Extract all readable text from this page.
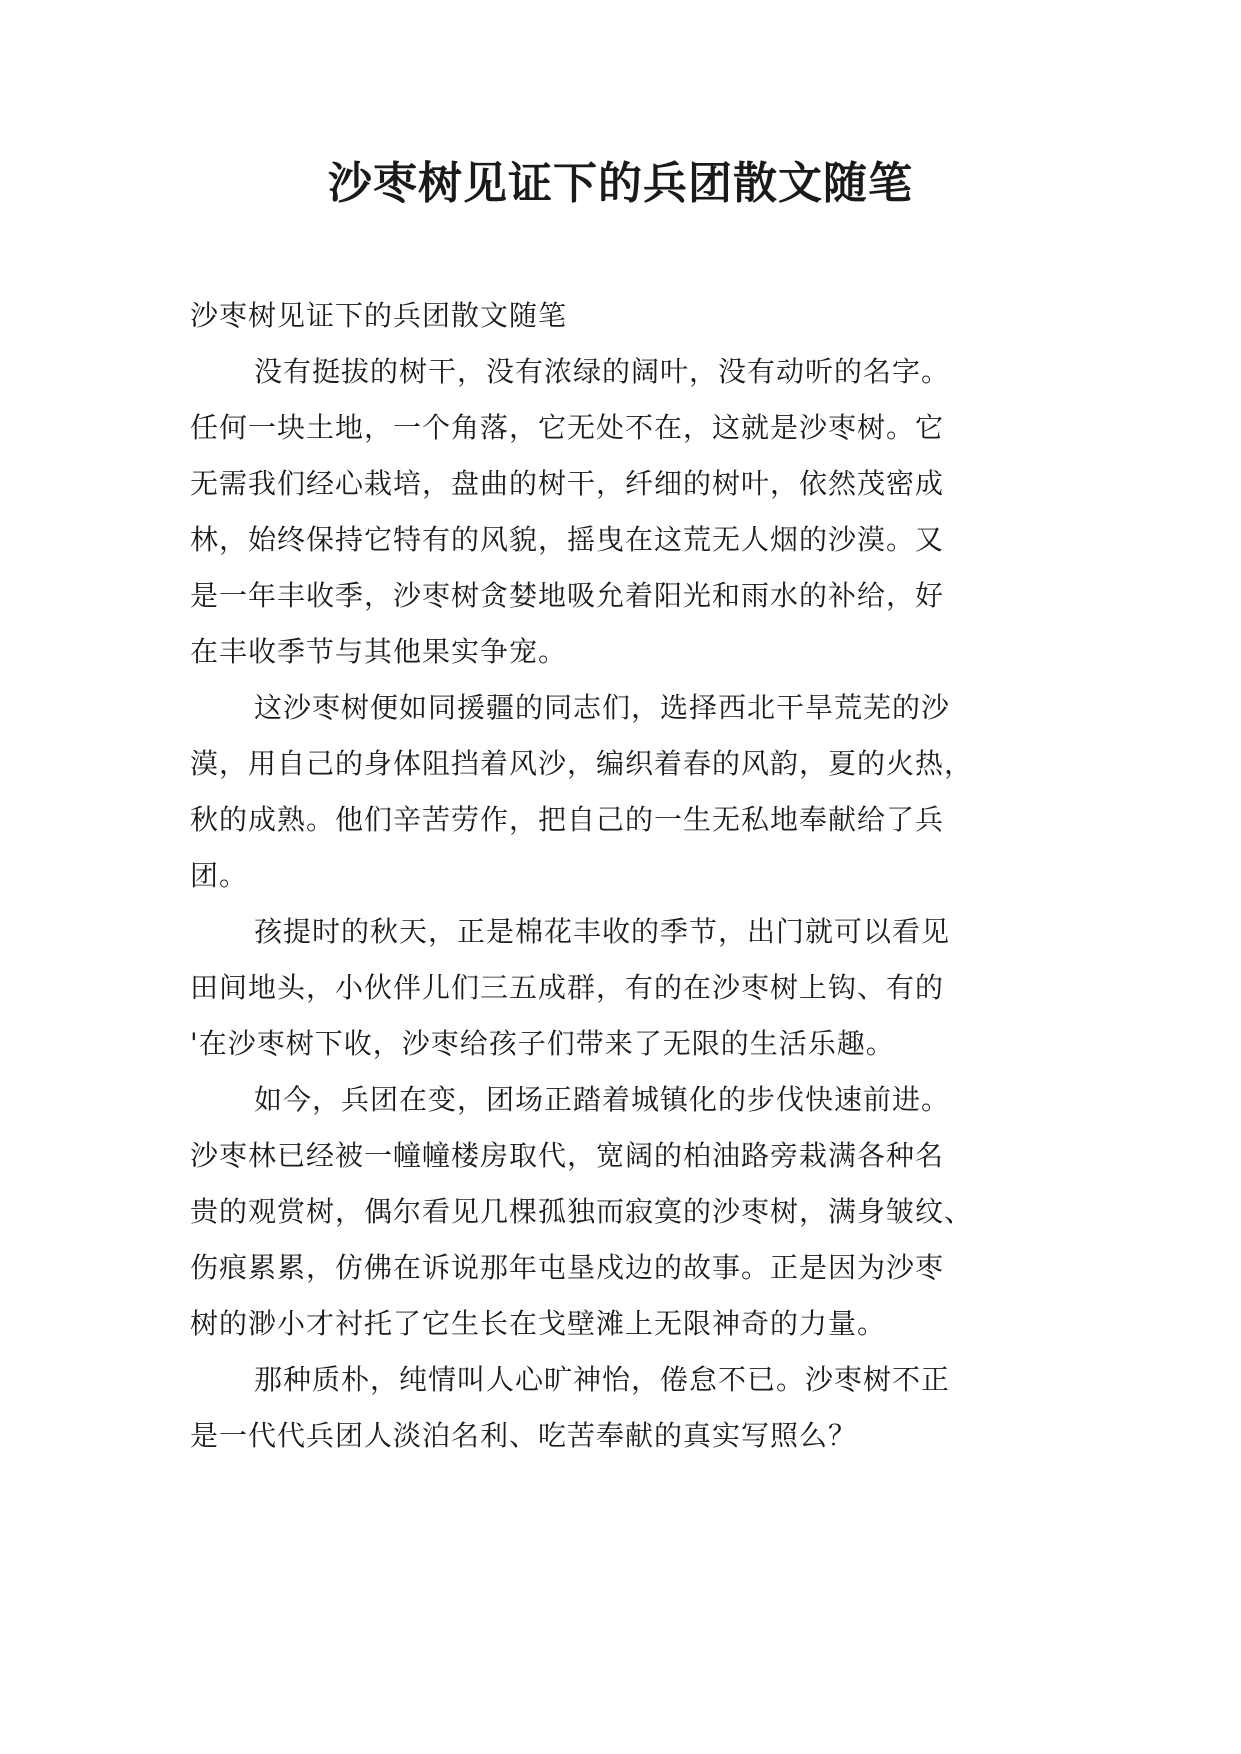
沙枣树见证下的兵团散文随笔

沙枣树见证下的兵团散文随笔

没有挺拔的树干，没有浓绿的阔叶，没有动听的名字。
任何一块土地，一个角落，它无处不在，这就是沙枣树。它
无需我们经心栽培，盘曲的树干，纤细的树叶，依然茂密成
林，始终保持它特有的风貌，摇曳在这荒无人烟的沙漠。又
是一年丰收季，沙枣树贪婪地吸允着阳光和雨水的补给，好
在丰收季节与其他果实争宠。

这沙枣树便如同援疆的同志们，选择西北干旱荒芜的沙
漠，用自己的身体阻挡着风沙，编织着春的风韵，夏的火热，
秋的成熟。他们辛苦劳作，把自己的一生无私地奉献给了兵
团。

孩提时的秋天，正是棉花丰收的季节，出门就可以看见
田间地头，小伙伴儿们三五成群，有的在沙枣树上钩、有的
'在沙枣树下收，沙枣给孩子们带来了无限的生活乐趣。

如今，兵团在变，团场正踏着城镇化的步伐快速前进。
沙枣林已经被一幢幢楼房取代，宽阔的柏油路旁栽满各种名
贵的观赏树，偶尔看见几棵孤独而寂寞的沙枣树，满身皱纹、
伤痕累累，仿佛在诉说那年屯垦戍边的故事。正是因为沙枣
树的渺小才衬托了它生长在戈壁滩上无限神奇的力量。

那种质朴，纯情叫人心旷神怡，倦怠不已。沙枣树不正
是一代代兵团人淡泊名利、吃苦奉献的真实写照么？
